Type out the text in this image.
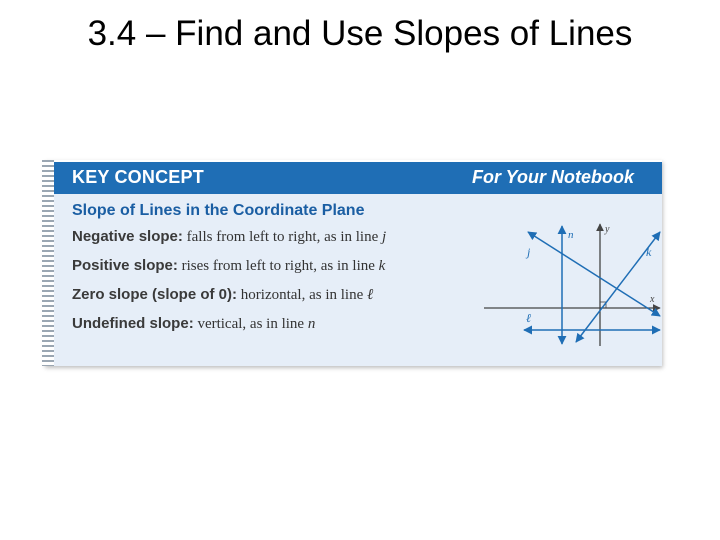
3.4 – Find and Use Slopes of Lines
KEY CONCEPT	For Your Notebook
Slope of Lines in the Coordinate Plane
Negative slope: falls from left to right, as in line j
Positive slope: rises from left to right, as in line k
Zero slope (slope of 0): horizontal, as in line ℓ
Undefined slope: vertical, as in line n
n	y
j	k
x
ℓ
